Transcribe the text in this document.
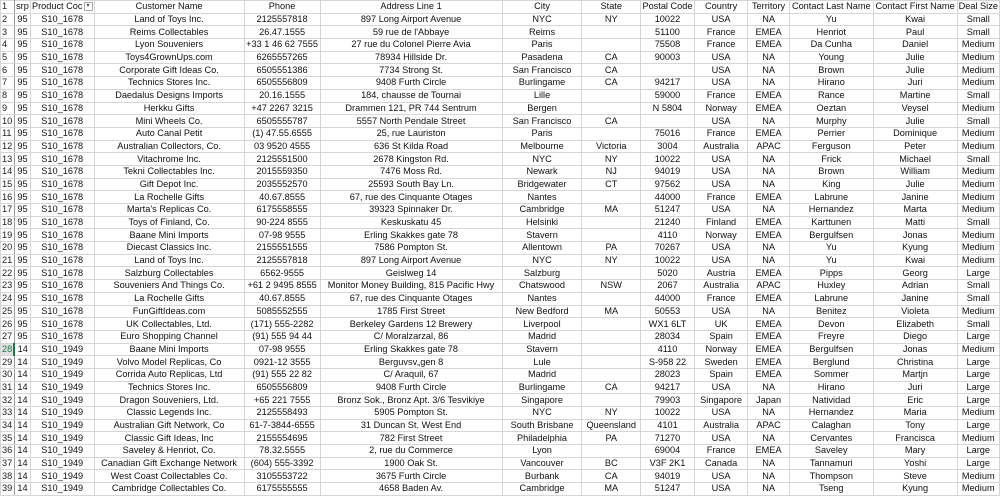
1	srp	Product Coc ▾	Customer Name	Phone	Address Line 1	City	State	Postal Code	Country	Territory	Contact Last Name	Contact First Name	Deal Size
2	95	S10_1678	Land of Toys Inc.	2125557818	897 Long Airport Avenue	NYC	NY	10022	USA	NA	Yu	Kwai	Small
3	95	S10_1678	Reims Collectables	26.47.1555	59 rue de l'Abbaye	Reims		51100	France	EMEA	Henriot	Paul	Small
4	95	S10_1678	Lyon Souveniers	+33 1 46 62 7555	27 rue du Colonel Pierre Avia	Paris		75508	France	EMEA	Da Cunha	Daniel	Medium
5	95	S10_1678	Toys4GrownUps.com	6265557265	78934 Hillside Dr.	Pasadena	CA	90003	USA	NA	Young	Julie	Medium
6	95	S10_1678	Corporate Gift Ideas Co.	6505551386	7734 Strong St.	San Francisco	CA		USA	NA	Brown	Julie	Medium
7	95	S10_1678	Technics Stores Inc.	6505556809	9408 Furth Circle	Burlingame	CA	94217	USA	NA	Hirano	Juri	Medium
8	95	S10_1678	Daedalus Designs Imports	20.16.1555	184, chausse de Tournai	Lille		59000	France	EMEA	Rance	Martine	Small
9	95	S10_1678	Herkku Gifts	+47 2267 3215	Drammen 121, PR 744 Sentrum	Bergen		N 5804	Norway	EMEA	Oeztan	Veysel	Medium
10	95	S10_1678	Mini Wheels Co.	6505555787	5557 North Pendale Street	San Francisco	CA		USA	NA	Murphy	Julie	Small
11	95	S10_1678	Auto Canal Petit	(1) 47.55.6555	25, rue Lauriston	Paris		75016	France	EMEA	Perrier	Dominique	Medium
12	95	S10_1678	Australian Collectors, Co.	03 9520 4555	636 St Kilda Road	Melbourne	Victoria	3004	Australia	APAC	Ferguson	Peter	Medium
13	95	S10_1678	Vitachrome Inc.	2125551500	2678 Kingston Rd.	NYC	NY	10022	USA	NA	Frick	Michael	Small
14	95	S10_1678	Tekni Collectables Inc.	2015559350	7476 Moss Rd.	Newark	NJ	94019	USA	NA	Brown	William	Medium
15	95	S10_1678	Gift Depot Inc.	2035552570	25593 South Bay Ln.	Bridgewater	CT	97562	USA	NA	King	Julie	Medium
16	95	S10_1678	La Rochelle Gifts	40.67.8555	67, rue des Cinquante Otages	Nantes		44000	France	EMEA	Labrune	Janine	Medium
17	95	S10_1678	Marta's Replicas Co.	6175558555	39323 Spinnaker Dr.	Cambridge	MA	51247	USA	NA	Hernandez	Marta	Medium
18	95	S10_1678	Toys of Finland, Co.	90-224 8555	Keskuskatu 45	Helsinki		21240	Finland	EMEA	Karttunen	Matti	Small
19	95	S10_1678	Baane Mini Imports	07-98 9555	Erling Skakkes gate 78	Stavern		4110	Norway	EMEA	Bergulfsen	Jonas	Medium
20	95	S10_1678	Diecast Classics Inc.	2155551555	7586 Pompton St.	Allentown	PA	70267	USA	NA	Yu	Kyung	Medium
21	95	S10_1678	Land of Toys Inc.	2125557818	897 Long Airport Avenue	NYC	NY	10022	USA	NA	Yu	Kwai	Medium
22	95	S10_1678	Salzburg Collectables	6562-9555	Geislweg 14	Salzburg		5020	Austria	EMEA	Pipps	Georg	Large
23	95	S10_1678	Souveniers And Things Co.	+61 2 9495 8555	Monitor Money Building, 815 Pacific Hwy	Chatswood	NSW	2067	Australia	APAC	Huxley	Adrian	Small
24	95	S10_1678	La Rochelle Gifts	40.67.8555	67, rue des Cinquante Otages	Nantes		44000	France	EMEA	Labrune	Janine	Small
25	95	S10_1678	FunGiftIdeas.com	5085552555	1785 First Street	New Bedford	MA	50553	USA	NA	Benitez	Violeta	Medium
26	95	S10_1678	UK Collectables, Ltd.	(171) 555-2282	Berkeley Gardens 12 Brewery	Liverpool		WX1 6LT	UK	EMEA	Devon	Elizabeth	Small
27	95	S10_1678	Euro Shopping Channel	(91) 555 94 44	C/ Moralzarzal, 86	Madrid		28034	Spain	EMEA	Freyre	Diego	Large
28	14	S10_1949	Baane Mini Imports	07-98 9555	Erling Skakkes gate 78	Stavern		4110	Norway	EMEA	Bergulfsen	Jonas	Medium
29	14	S10_1949	Volvo Model Replicas, Co	0921-12 3555	Berguvsv„gen 8	Lule		S-958 22	Sweden	EMEA	Berglund	Christina	Large
30	14	S10_1949	Corrida Auto Replicas, Ltd	(91) 555 22 82	C/ Araquil, 67	Madrid		28023	Spain	EMEA	Sommer	Martјn	Large
31	14	S10_1949	Technics Stores Inc.	6505556809	9408 Furth Circle	Burlingame	CA	94217	USA	NA	Hirano	Juri	Large
32	14	S10_1949	Dragon Souveniers, Ltd.	+65 221 7555	Bronz Sok., Bronz Apt. 3/6 Tesvikiye	Singapore		79903	Singapore	Japan	Natividad	Eric	Large
33	14	S10_1949	Classic Legends Inc.	2125558493	5905 Pompton St.	NYC	NY	10022	USA	NA	Hernandez	Maria	Medium
34	14	S10_1949	Australian Gift Network, Co	61-7-3844-6555	31 Duncan St. West End	South Brisbane	Queensland	4101	Australia	APAC	Calaghan	Tony	Large
35	14	S10_1949	Classic Gift Ideas, Inc	2155554695	782 First Street	Philadelphia	PA	71270	USA	NA	Cervantes	Francisca	Medium
36	14	S10_1949	Saveley & Henriot, Co.	78.32.5555	2, rue du Commerce	Lyon		69004	France	EMEA	Saveley	Mary	Large
37	14	S10_1949	Canadian Gift Exchange Network	(604) 555-3392	1900 Oak St.	Vancouver	BC	V3F 2K1	Canada	NA	Tannamuri	Yoshi	Large
38	14	S10_1949	West Coast Collectables Co.	3105553722	3675 Furth Circle	Burbank	CA	94019	USA	NA	Thompson	Steve	Medium
39	14	S10_1949	Cambridge Collectables Co.	6175555555	4658 Baden Av.	Cambridge	MA	51247	USA	NA	Tseng	Kyung	Medium
